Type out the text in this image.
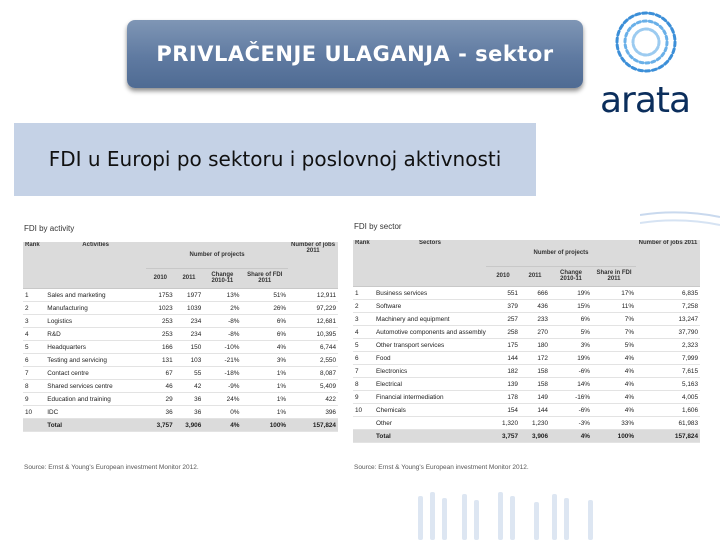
PRIVLAČENJE ULAGANJA - sektor
arata
FDI u Europi po sektoru i poslovnoj aktivnosti
FDI by activity
Rank	Activities	Number of projects				Number of jobs 2011
		2010	2011	Change 2010-11	Share of FDI 2011	
1	Sales and marketing	1753	1977	13%	51%	12,911
2	Manufacturing	1023	1039	2%	26%	97,229
3	Logistics	253	234	-8%	6%	12,681
4	R&D	253	234	-8%	6%	10,395
5	Headquarters	166	150	-10%	4%	6,744
6	Testing and servicing	131	103	-21%	3%	2,550
7	Contact centre	67	55	-18%	1%	8,087
8	Shared services centre	46	42	-9%	1%	5,409
9	Education and training	29	36	24%	1%	422
10	IDC	36	36	0%	1%	396
	Total	3,757	3,906	4%	100%	157,824
Source: Ernst & Young's European investment Monitor 2012.
FDI by sector
Rank	Sectors	Number of projects				Number of jobs 2011
		2010	2011	Change 2010-11	Share in FDI 2011	
1	Business services	551	666	19%	17%	6,835
2	Software	379	436	15%	11%	7,258
3	Machinery and equipment	257	233	6%	7%	13,247
4	Automotive components and assembly	258	270	5%	7%	37,790
5	Other transport services	175	180	3%	5%	2,323
6	Food	144	172	19%	4%	7,999
7	Electronics	182	158	-6%	4%	7,615
8	Electrical	139	158	14%	4%	5,163
9	Financial intermediation	178	149	-16%	4%	4,005
10	Chemicals	154	144	-6%	4%	1,606
	Other	1,320	1,230	-3%	33%	61,983
	Total	3,757	3,906	4%	100%	157,824
Source: Ernst & Young's European investment Monitor 2012.
